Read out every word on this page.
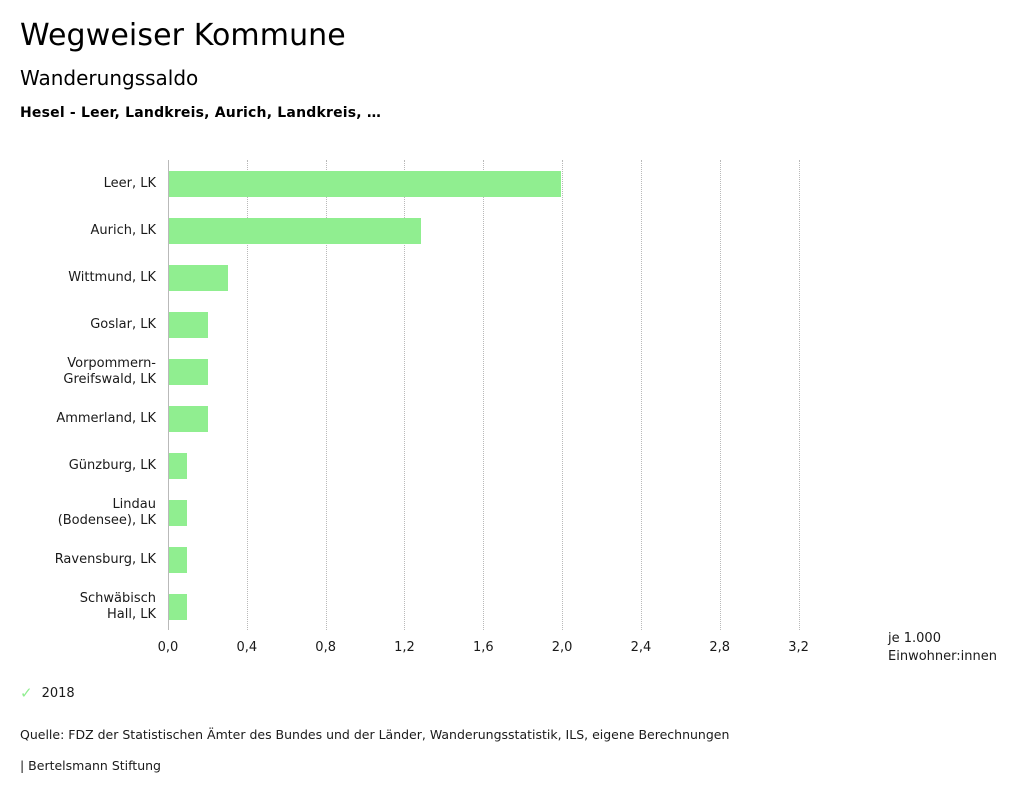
Wegweiser Kommune
Wanderungssaldo
Hesel - Leer, Landkreis, Aurich, Landkreis, …
Leer, LK
Aurich, LK
Wittmund, LK
Goslar, LK
Vorpommern-
Greifswald, LK
Ammerland, LK
Günzburg, LK
Lindau
(Bodensee), LK
Ravensburg, LK
Schwäbisch
Hall, LK
0,0	0,4	0,8	1,2	1,6	2,0	2,4	2,8	3,2
je 1.000
Einwohner:innen
✓ 2018
Quelle: FDZ der Statistischen Ämter des Bundes und der Länder, Wanderungsstatistik, ILS, eigene Berechnungen
| Bertelsmann Stiftung
